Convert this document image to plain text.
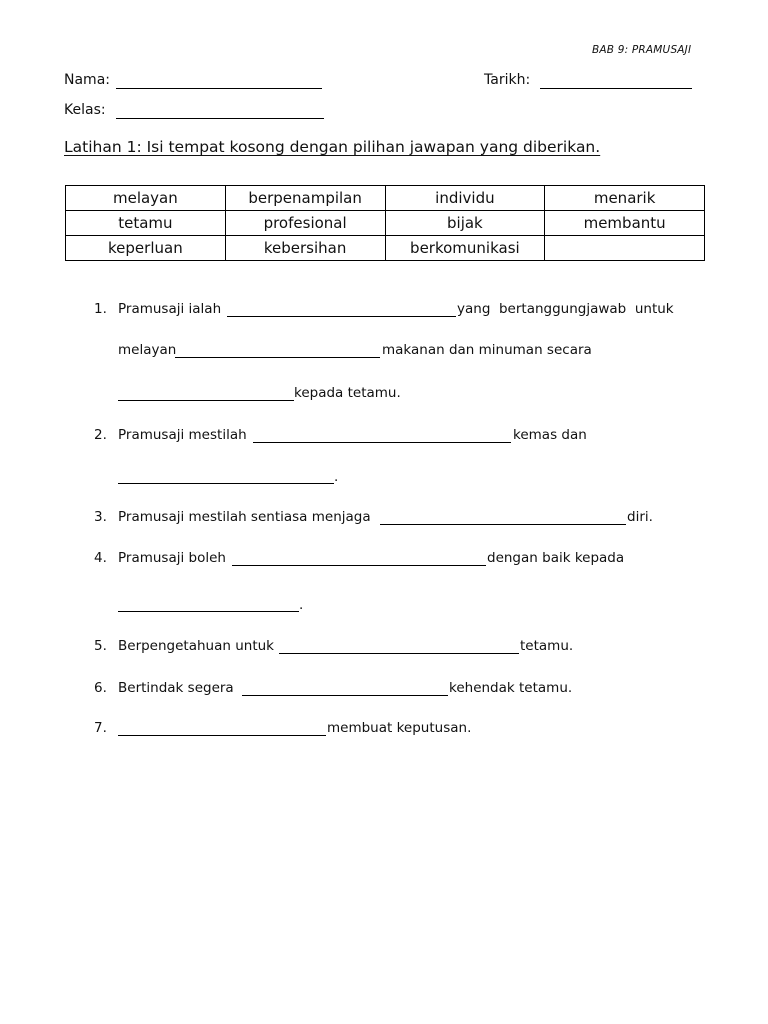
BAB 9: PRAMUSAJI
Nama:	Tarikh:
Kelas:
Latihan 1: Isi tempat kosong dengan pilihan jawapan yang diberikan.
melayan	berpenampilan	individu	menarik
tetamu	profesional	bijak	membantu
keperluan	kebersihan	berkomunikasi	
1. Pramusaji ialah	yang  bertanggungjawab  untuk
melayan	makanan dan minuman secara
kepada tetamu.
2. Pramusaji mestilah	kemas dan
.
3. Pramusaji mestilah sentiasa menjaga	diri.
4. Pramusaji boleh	dengan baik kepada
.
5. Berpengetahuan untuk	tetamu.
6. Bertindak segera	kehendak tetamu.
7.	membuat keputusan.
